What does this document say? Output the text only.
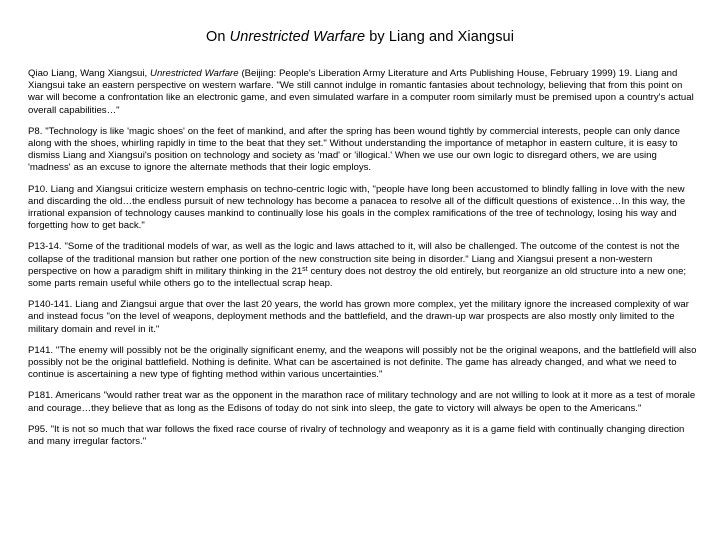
On Unrestricted Warfare by Liang and Xiangsui

Qiao Liang, Wang Xiangsui, Unrestricted Warfare (Beijing: People's Liberation Army Literature and Arts Publishing House, February 1999) 19. Liang and Xiangsui take an eastern perspective on western warfare. "We still cannot indulge in romantic fantasies about technology, believing that from this point on war will become a confrontation like an electronic game, and even simulated warfare in a computer room similarly must be premised upon a country's actual overall capabilities…"

P8. "Technology is like 'magic shoes' on the feet of mankind, and after the spring has been wound tightly by commercial interests, people can only dance along with the shoes, whirling rapidly in time to the beat that they set." Without understanding the importance of metaphor in eastern culture, it is easy to dismiss Liang and Xiangsui's position on technology and society as 'mad' or 'illogical.' When we use our own logic to disregard others, we are using 'madness' as an excuse to ignore the alternate methods that their logic employs.

P10. Liang and Xiangsui criticize western emphasis on techno-centric logic with, "people have long been accustomed to blindly falling in love with the new and discarding the old…the endless pursuit of new technology has become a panacea to resolve all of the difficult questions of existence…In this way, the irrational expansion of technology causes mankind to continually lose his goals in the complex ramifications of the tree of technology, losing his way and forgetting how to get back."

P13-14. "Some of the traditional models of war, as well as the logic and laws attached to it, will also be challenged. The outcome of the contest is not the collapse of the traditional mansion but rather one portion of the new construction site being in disorder." Liang and Xiangsui present a non-western perspective on how a paradigm shift in military thinking in the 21st century does not destroy the old entirely, but reorganize an old structure into a new one; some parts remain useful while others go to the intellectual scrap heap.

P140-141. Liang and Ziangsui argue that over the last 20 years, the world has grown more complex, yet the military ignore the increased complexity of war and instead focus "on the level of weapons, deployment methods and the battlefield, and the drawn-up war prospects are also mostly only limited to the military domain and revel in it."

P141. "The enemy will possibly not be the originally significant enemy, and the weapons will possibly not be the original weapons, and the battlefield will also possibly not be the original battlefield. Nothing is definite. What can be ascertained is not definite. The game has already changed, and what we need to continue is ascertaining a new type of fighting method within various uncertainties."

P181. Americans "would rather treat war as the opponent in the marathon race of military technology and are not willing to look at it more as a test of morale and courage…they believe that as long as the Edisons of today do not sink into sleep, the gate to victory will always be open to the Americans."

P95. "It is not so much that war follows the fixed race course of rivalry of technology and weaponry as it is a game field with continually changing direction and many irregular factors."
